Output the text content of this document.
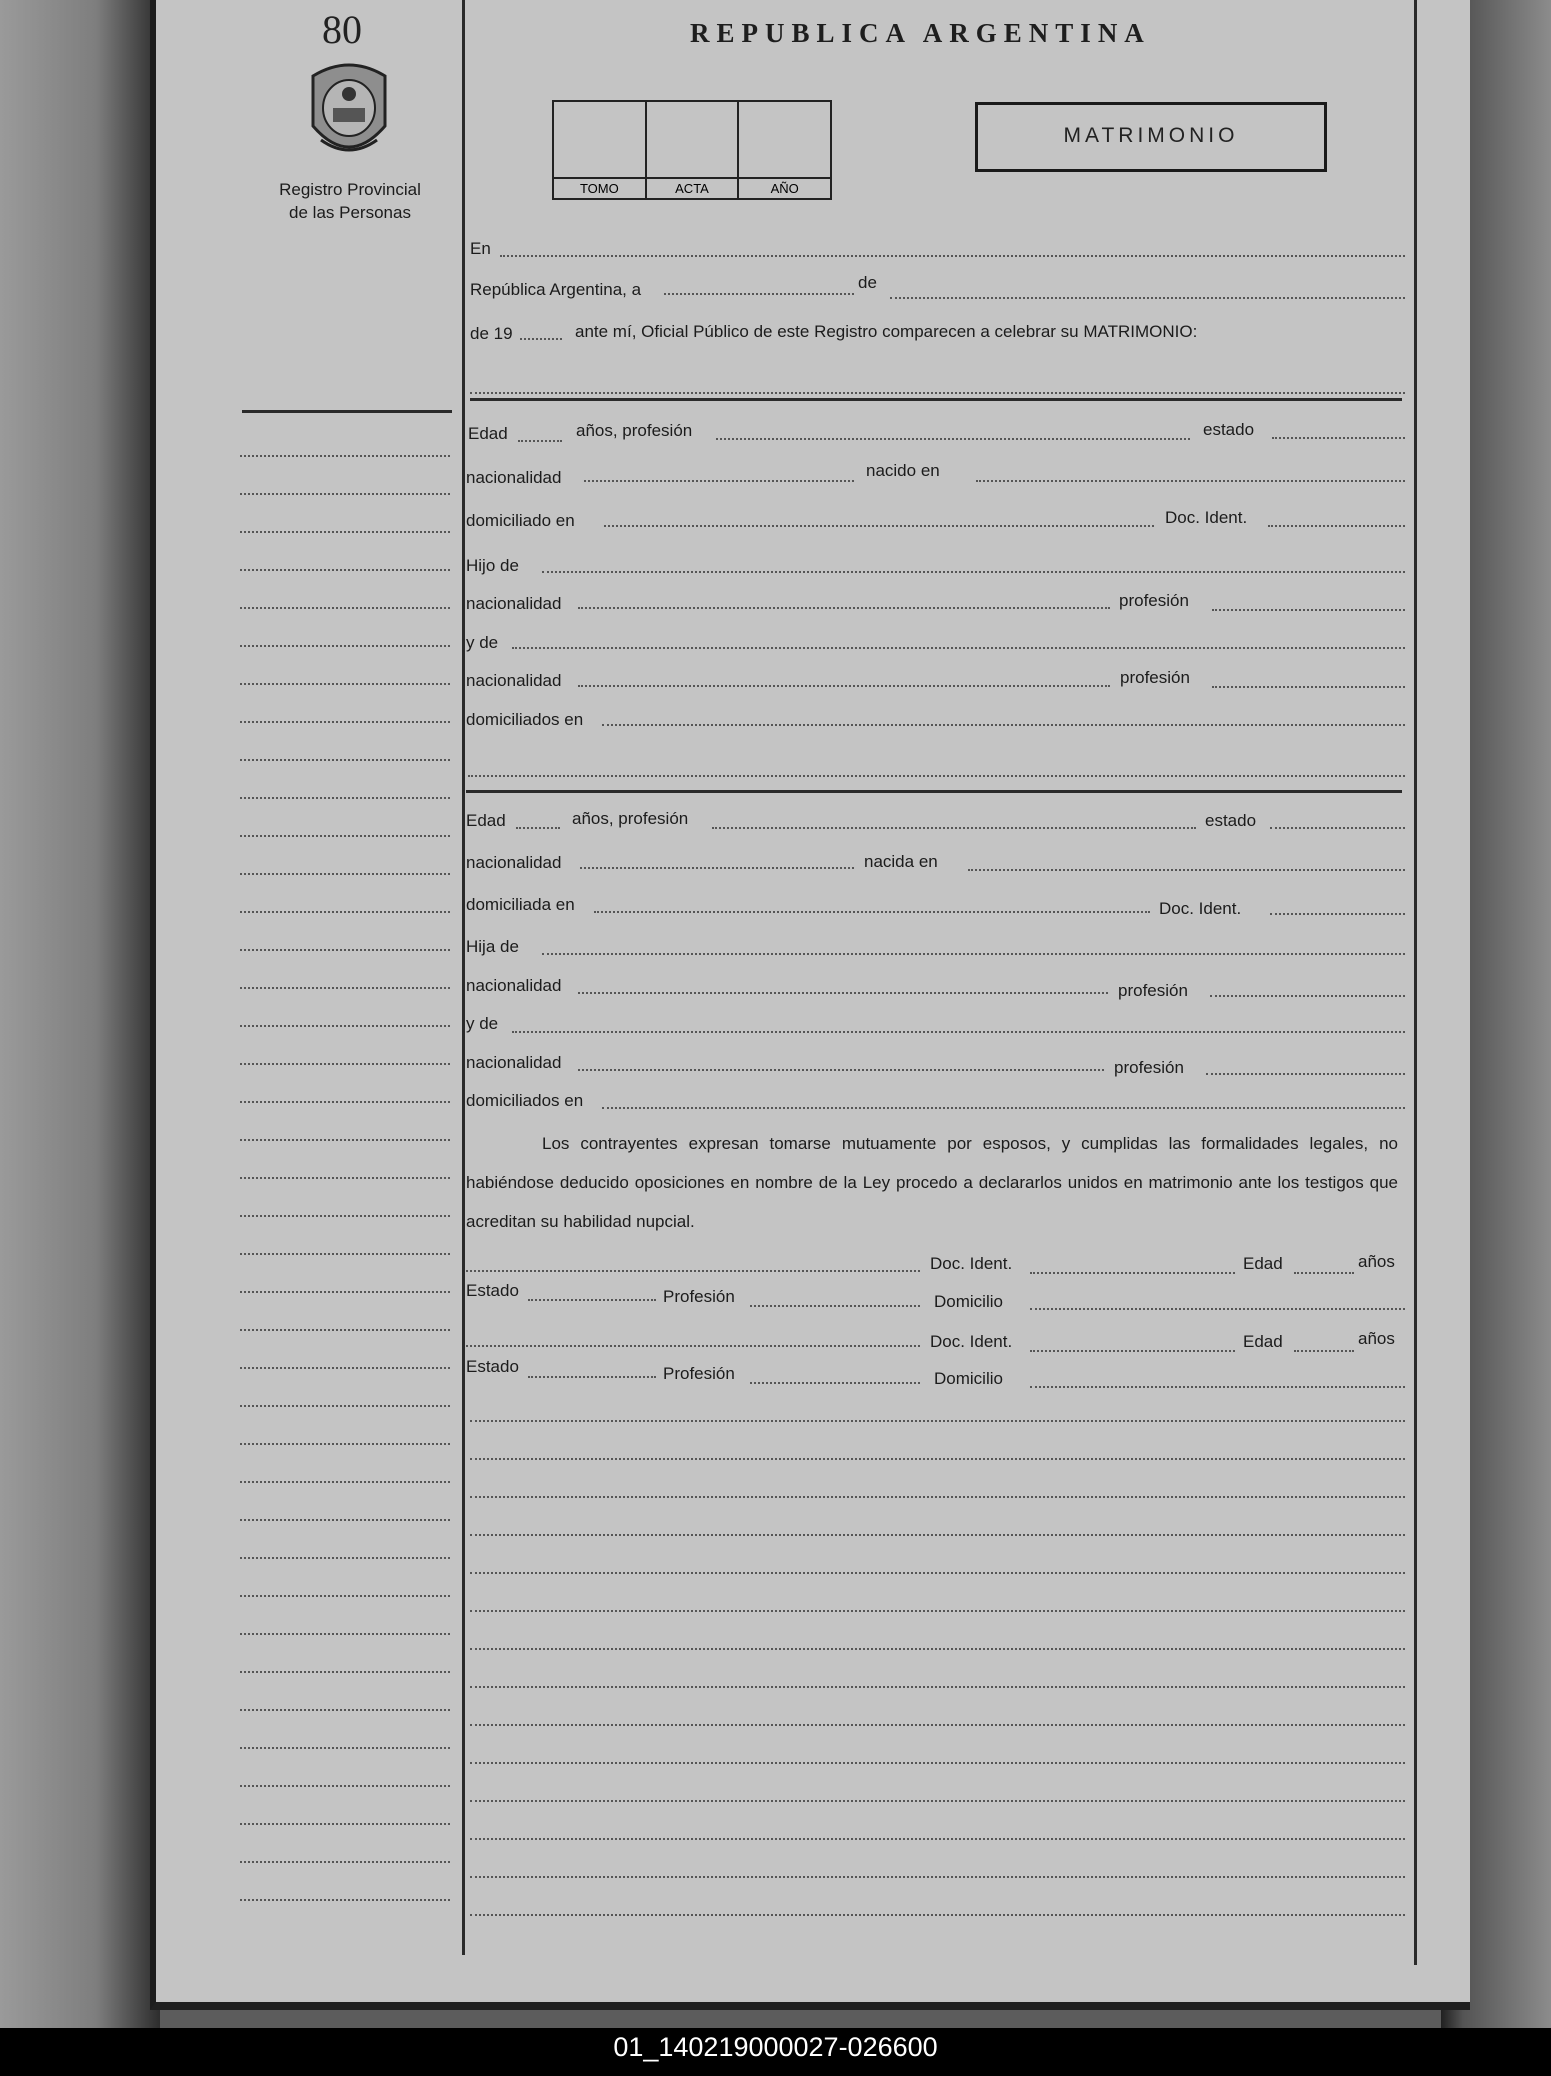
80
Registro Provincial
de las Personas
REPUBLICA ARGENTINA
TOMO	ACTA	AÑO
MATRIMONIO
En
República Argentina, a	de
de 19	ante mí, Oficial Público de este Registro comparecen a celebrar su MATRIMONIO:
Edad	años, profesión	estado
nacionalidad	nacido en
domiciliado en	Doc. Ident.
Hijo de
nacionalidad	profesión
y de
nacionalidad	profesión
domiciliados en
Edad	años, profesión	estado
nacionalidad	nacida en
domiciliada en	Doc. Ident.
Hija de
nacionalidad	profesión
y de
nacionalidad	profesión
domiciliados en
Los contrayentes expresan tomarse mutuamente por esposos, y cumplidas las formalidades legales, no habiéndose deducido oposiciones en nombre de la Ley procedo a declararlos unidos en matrimonio ante los testigos que acreditan su habilidad nupcial.
Doc. Ident.	Edad	años
Estado	Profesión	Domicilio
Doc. Ident.	Edad	años
Estado	Profesión	Domicilio
01_140219000027-026600
